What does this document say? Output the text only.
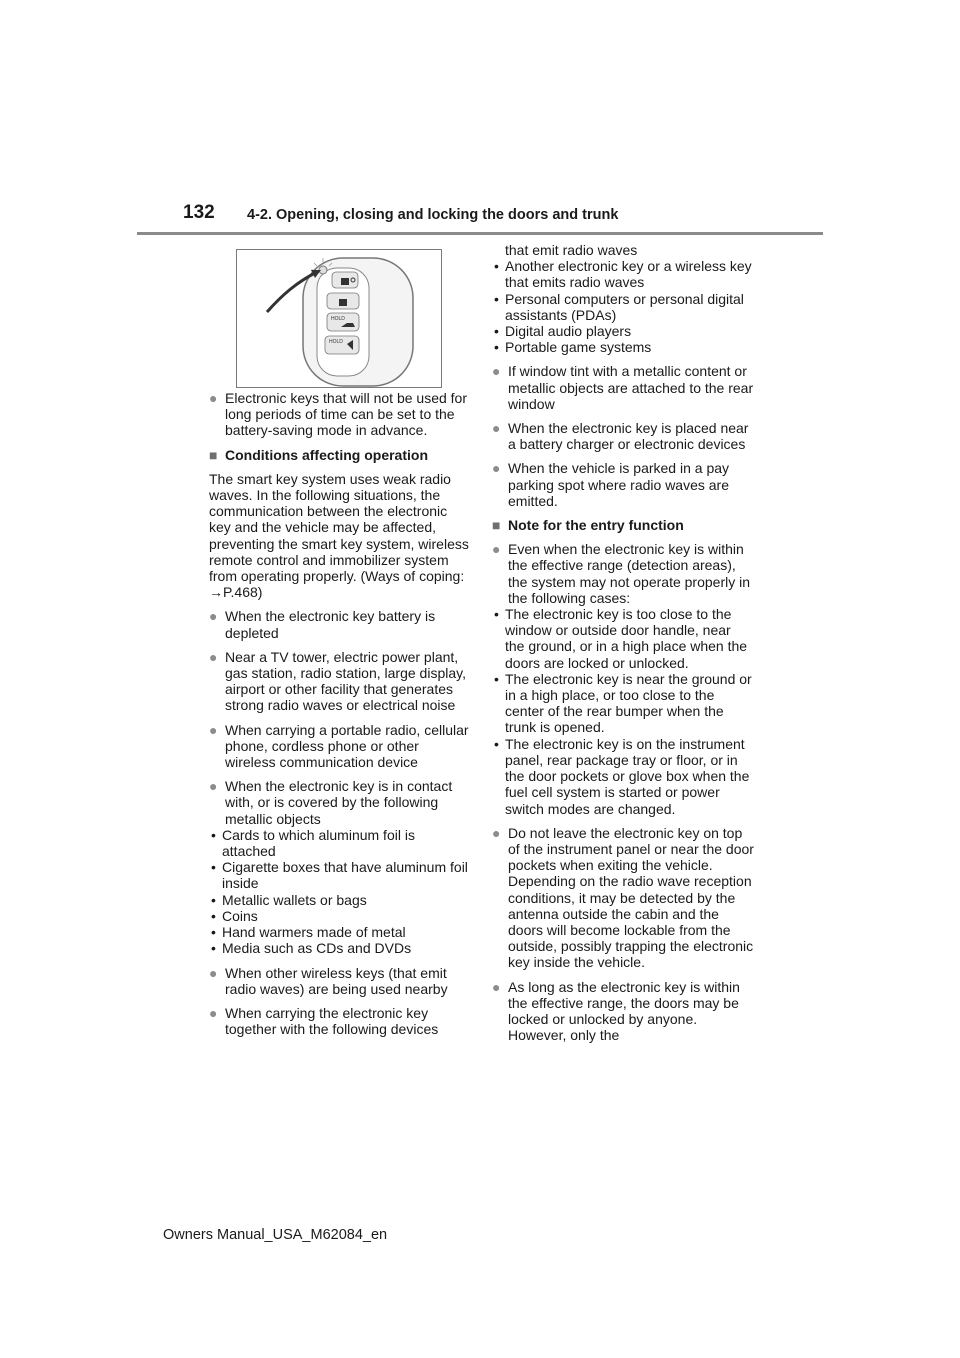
132 4-2. Opening, closing and locking the doors and trunk
HOLD
HOLD
● Electronic keys that will not be used for long periods of time can be set to the battery-saving mode in advance.
■ Conditions affecting operation

The smart key system uses weak radio waves. In the following situations, the communication between the electronic key and the vehicle may be affected, preventing the smart key system, wireless remote control and immobilizer system from operating properly. (Ways of coping:
→P.468)

● When the electronic key battery is depleted
● Near a TV tower, electric power plant, gas station, radio station, large display, airport or other facility that generates strong radio waves or electrical noise
● When carrying a portable radio, cellular phone, cordless phone or other wireless communication device
● When the electronic key is in contact with, or is covered by the following metallic objects
• Cards to which aluminum foil is attached
• Cigarette boxes that have aluminum foil inside
• Metallic wallets or bags
• Coins
• Hand warmers made of metal
• Media such as CDs and DVDs
● When other wireless keys (that emit radio waves) are being used nearby
● When carrying the electronic key together with the following devices
that emit radio waves
• Another electronic key or a wireless key that emits radio waves
• Personal computers or personal digital assistants (PDAs)
• Digital audio players
• Portable game systems
● If window tint with a metallic content or metallic objects are attached to the rear window
● When the electronic key is placed near a battery charger or electronic devices
● When the vehicle is parked in a pay parking spot where radio waves are emitted.
■ Note for the entry function
● Even when the electronic key is within the effective range (detection areas), the system may not operate properly in the following cases:
• The electronic key is too close to the window or outside door handle, near the ground, or in a high place when the doors are locked or unlocked.
• The electronic key is near the ground or in a high place, or too close to the center of the rear bumper when the trunk is opened.
• The electronic key is on the instrument panel, rear package tray or floor, or in the door pockets or glove box when the fuel cell system is started or power switch modes are changed.
● Do not leave the electronic key on top of the instrument panel or near the door pockets when exiting the vehicle. Depending on the radio wave reception conditions, it may be detected by the antenna outside the cabin and the doors will become lockable from the outside, possibly trapping the electronic key inside the vehicle.
● As long as the electronic key is within the effective range, the doors may be locked or unlocked by anyone. However, only the
Owners Manual_USA_M62084_en
